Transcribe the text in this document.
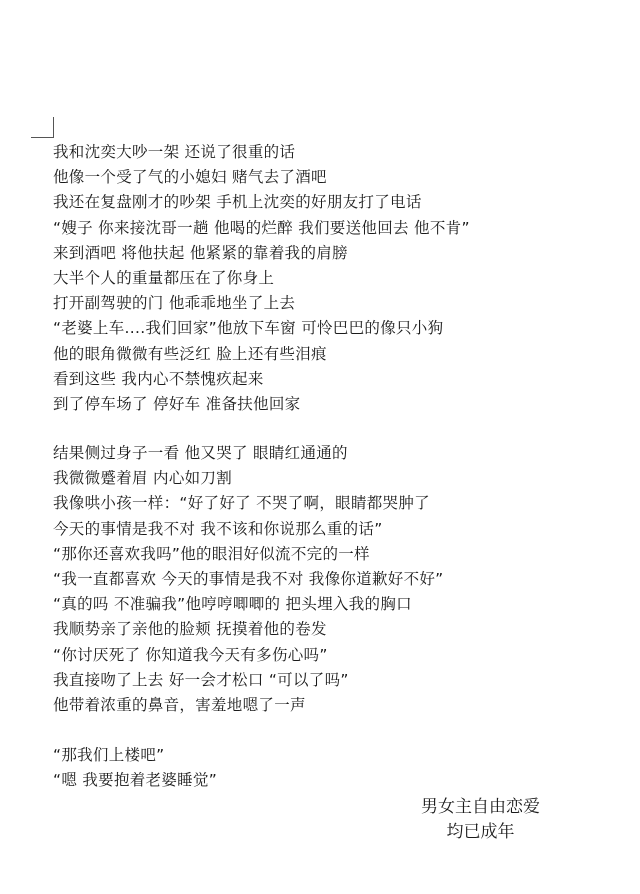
我和沈奕大吵一架 还说了很重的话
他像一个受了气的小媳妇 赌气去了酒吧
我还在复盘刚才的吵架 手机上沈奕的好朋友打了电话
“嫂子 你来接沈哥一趟 他喝的烂醉 我们要送他回去 他不肯”
来到酒吧 将他扶起 他紧紧的靠着我的肩膀
大半个人的重量都压在了你身上
打开副驾驶的门 他乖乖地坐了上去
“老婆上车....我们回家”他放下车窗 可怜巴巴的像只小狗
他的眼角微微有些泛红 脸上还有些泪痕
看到这些 我内心不禁愧疚起来
到了停车场了 停好车 准备扶他回家
结果侧过身子一看 他又哭了 眼睛红通通的
我微微蹙着眉 内心如刀割
我像哄小孩一样：“好了好了 不哭了啊，眼睛都哭肿了
今天的事情是我不对 我不该和你说那么重的话”
“那你还喜欢我吗”他的眼泪好似流不完的一样
“我一直都喜欢 今天的事情是我不对 我像你道歉好不好”
“真的吗 不准骗我”他哼哼唧唧的 把头埋入我的胸口
我顺势亲了亲他的脸颊 抚摸着他的卷发
“你讨厌死了 你知道我今天有多伤心吗”
我直接吻了上去 好一会才松口 “可以了吗”
他带着浓重的鼻音，害羞地嗯了一声
“那我们上楼吧”
“嗯 我要抱着老婆睡觉”
男女主自由恋爱
均已成年
